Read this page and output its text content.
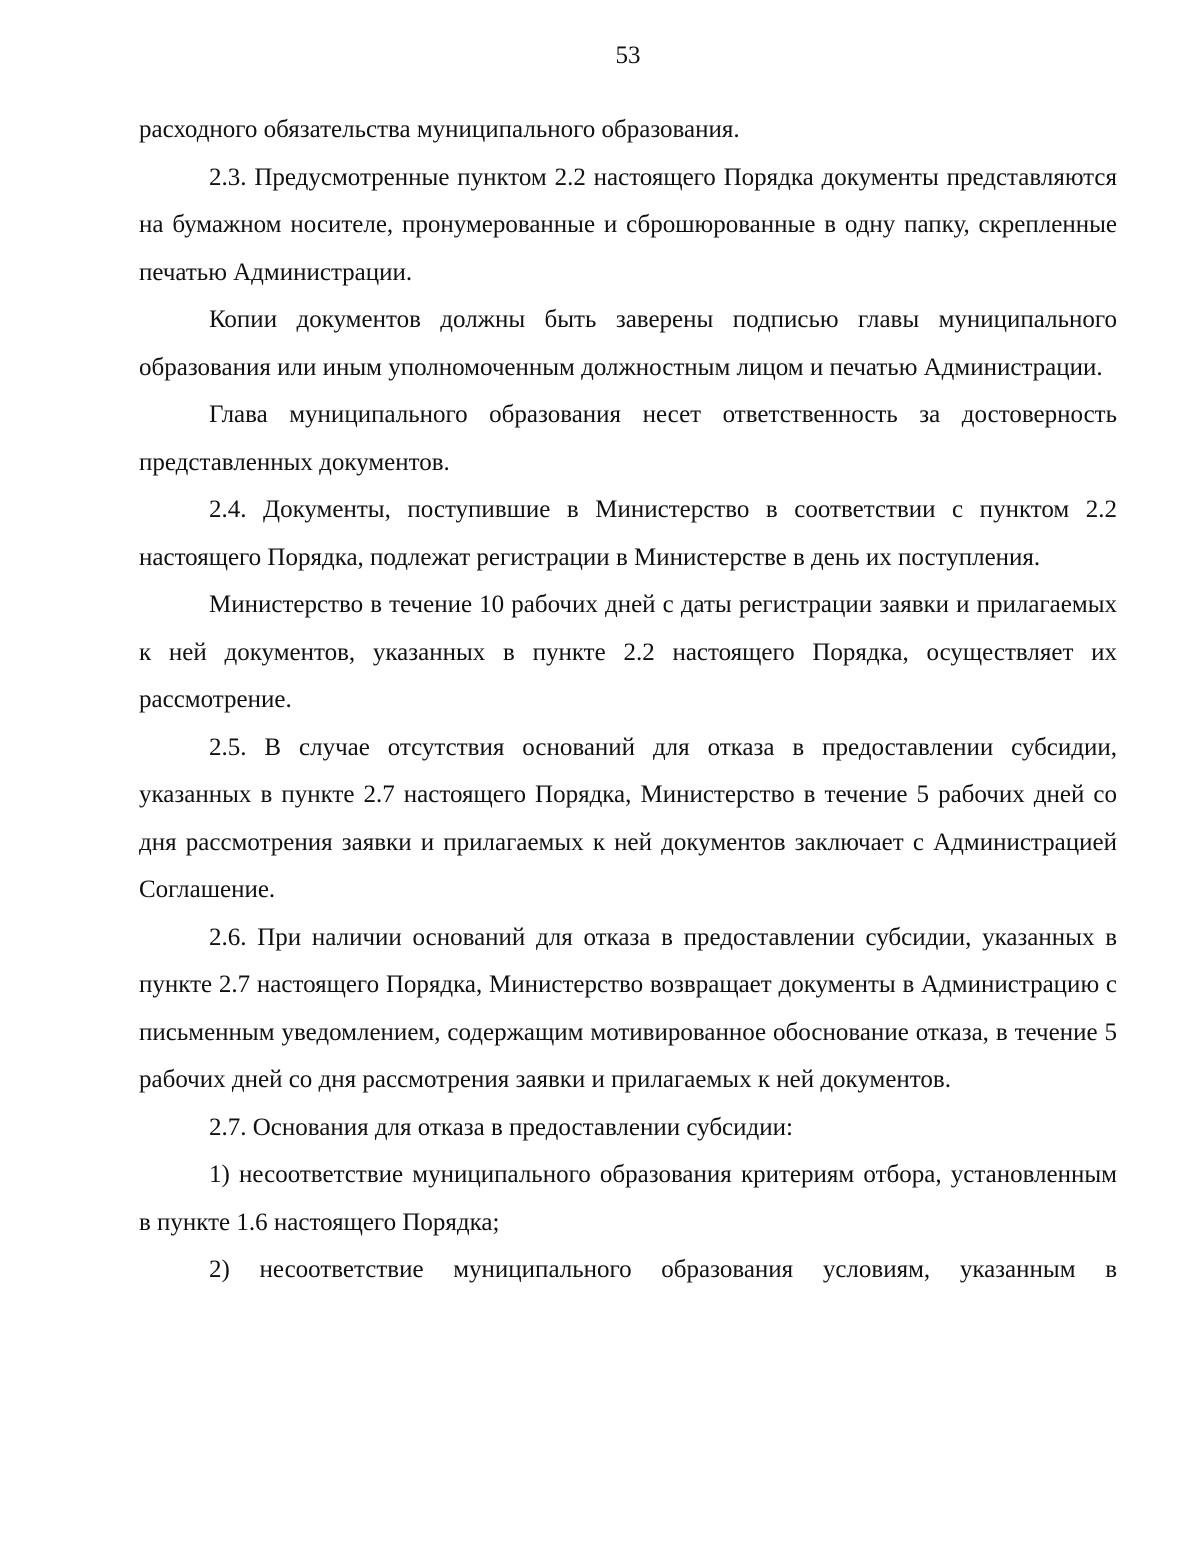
53

расходного обязательства муниципального образования.

2.3. Предусмотренные пунктом 2.2 настоящего Порядка документы представляются на бумажном носителе, пронумерованные и сброшюрованные в одну папку, скрепленные печатью Администрации.

Копии документов должны быть заверены подписью главы муниципального образования или иным уполномоченным должностным лицом и печатью Администрации.

Глава муниципального образования несет ответственность за достоверность представленных документов.

2.4. Документы, поступившие в Министерство в соответствии с пунктом 2.2 настоящего Порядка, подлежат регистрации в Министерстве в день их поступления.

Министерство в течение 10 рабочих дней с даты регистрации заявки и прилагаемых к ней документов, указанных в пункте 2.2 настоящего Порядка, осуществляет их рассмотрение.

2.5. В случае отсутствия оснований для отказа в предоставлении субсидии, указанных в пункте 2.7 настоящего Порядка, Министерство в течение 5 рабочих дней со дня рассмотрения заявки и прилагаемых к ней документов заключает с Администрацией Соглашение.

2.6. При наличии оснований для отказа в предоставлении субсидии, указанных в пункте 2.7 настоящего Порядка, Министерство возвращает документы в Администрацию с письменным уведомлением, содержащим мотивированное обоснование отказа, в течение 5 рабочих дней со дня рассмотрения заявки и прилагаемых к ней документов.

2.7. Основания для отказа в предоставлении субсидии:

1) несоответствие муниципального образования критериям отбора, установленным в пункте 1.6 настоящего Порядка;

2) несоответствие муниципального образования условиям, указанным в
